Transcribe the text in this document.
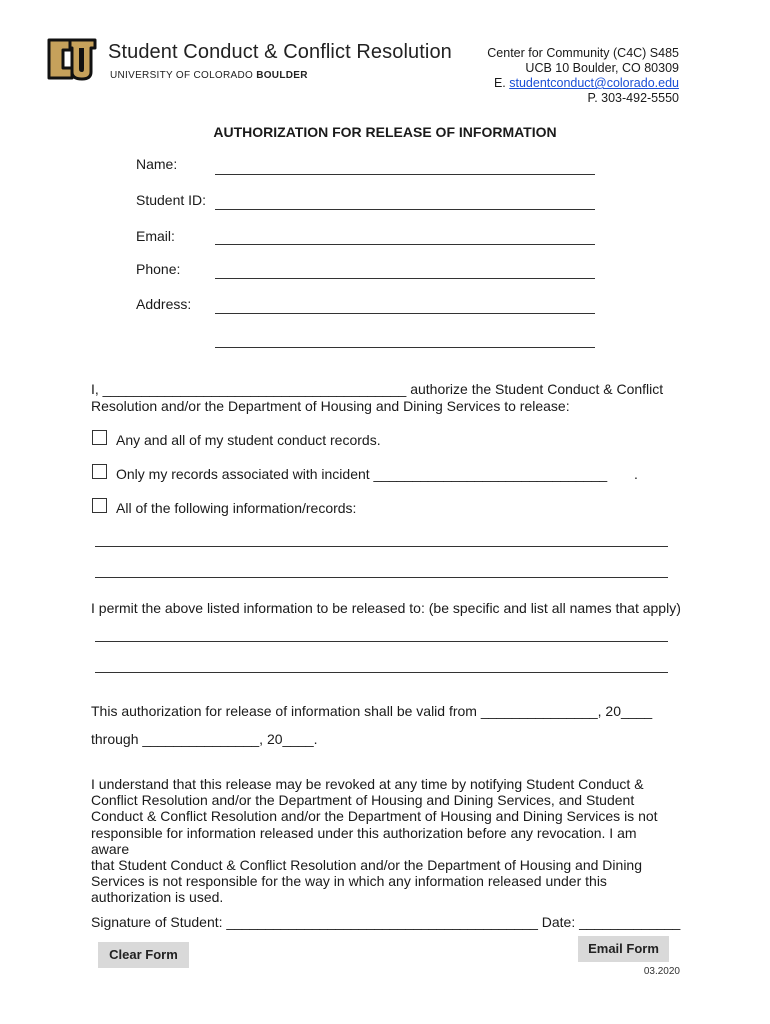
Student Conduct & Conflict Resolution
UNIVERSITY OF COLORADO BOULDER
Center for Community (C4C) S485
UCB 10 Boulder, CO 80309
E. studentconduct@colorado.edu
P. 303-492-5550
AUTHORIZATION FOR RELEASE OF INFORMATION
Name:
Student ID:
Email:
Phone:
Address:
I, _______________________________________ authorize the Student Conduct & Conflict
Resolution and/or the Department of Housing and Dining Services to release:
Any and all of my student conduct records.
Only my records associated with incident ______________________________ .
All of the following information/records:
I permit the above listed information to be released to: (be specific and list all names that apply)
This authorization for release of information shall be valid from _______________, 20____
through _______________, 20____.
I understand that this release may be revoked at any time by notifying Student Conduct &
Conflict Resolution and/or the Department of Housing and Dining Services, and Student
Conduct & Conflict Resolution and/or the Department of Housing and Dining Services is not
responsible for information released under this authorization before any revocation. I am aware
that Student Conduct & Conflict Resolution and/or the Department of Housing and Dining
Services is not responsible for the way in which any information released under this
authorization is used.
Signature of Student: ________________________________________ Date: _____________
Clear Form	Email Form
03.2020
